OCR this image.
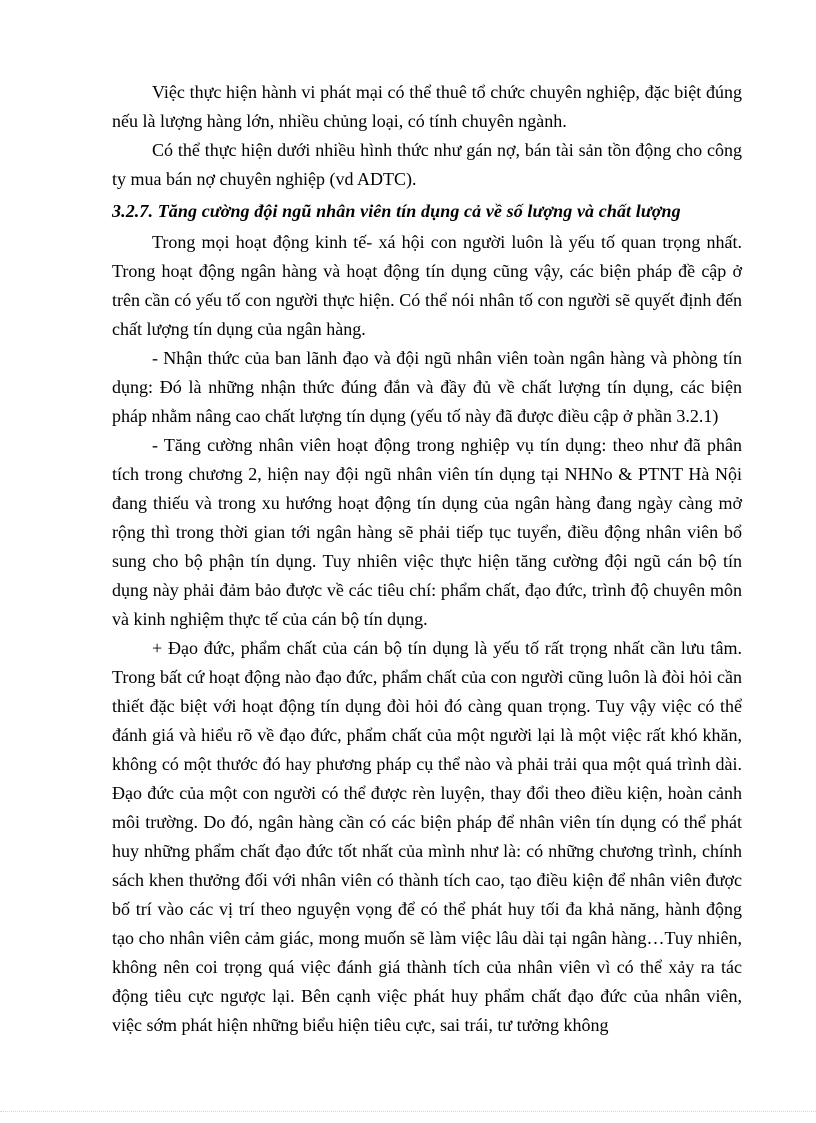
Việc thực hiện hành vi phát mại có thể thuê tổ chức chuyên nghiệp, đặc biệt đúng nếu là lượng hàng lớn, nhiều chủng loại, có tính chuyên ngành.

Có thể thực hiện dưới nhiều hình thức như gán nợ, bán tài sản tồn động cho công ty mua bán nợ chuyên nghiệp (vd ADTC).

3.2.7. Tăng cường đội ngũ nhân viên tín dụng cả về số lượng và chất lượng

Trong mọi hoạt động kinh tế- xá hội con người luôn là yếu tố quan trọng nhất. Trong hoạt động ngân hàng và hoạt động tín dụng cũng vậy, các biện pháp đề cập ở trên cần có yếu tố con người thực hiện. Có thể nói nhân tố con người sẽ quyết định đến chất lượng tín dụng của ngân hàng.

- Nhận thức của ban lãnh đạo và đội ngũ nhân viên toàn ngân hàng và phòng tín dụng: Đó là những nhận thức đúng đắn và đầy đủ về chất lượng tín dụng, các biện pháp nhằm nâng cao chất lượng tín dụng (yếu tố này đã được điều cập ở phần 3.2.1)

- Tăng cường nhân viên hoạt động trong nghiệp vụ tín dụng: theo như đã phân tích trong chương 2, hiện nay đội ngũ nhân viên tín dụng tại NHNo & PTNT Hà Nội đang thiếu và trong xu hướng hoạt động tín dụng của ngân hàng đang ngày càng mở rộng thì trong thời gian tới ngân hàng sẽ phải tiếp tục tuyển, điều động nhân viên bổ sung cho bộ phận tín dụng. Tuy nhiên việc thực hiện tăng cường đội ngũ cán bộ tín dụng này phải đảm bảo được về các tiêu chí: phẩm chất, đạo đức, trình độ chuyên môn và kinh nghiệm thực tế của cán bộ tín dụng.

+ Đạo đức, phẩm chất của cán bộ tín dụng là yếu tố rất trọng nhất cần lưu tâm. Trong bất cứ hoạt động nào đạo đức, phẩm chất của con người cũng luôn là đòi hỏi cần thiết đặc biệt với hoạt động tín dụng đòi hỏi đó càng quan trọng. Tuy vậy việc có thể đánh giá và hiểu rõ về đạo đức, phẩm chất của một người lại là một việc rất khó khăn, không có một thước đó hay phương pháp cụ thể nào và phải trải qua một quá trình dài. Đạo đức của một con người có thể được rèn luyện, thay đổi theo điều kiện, hoàn cảnh môi trường. Do đó, ngân hàng cần có các biện pháp để nhân viên tín dụng có thể phát huy những phẩm chất đạo đức tốt nhất của mình như là: có những chương trình, chính sách khen thưởng đối với nhân viên có thành tích cao, tạo điều kiện để nhân viên được bố trí vào các vị trí theo nguyện vọng để có thể phát huy tối đa khả năng, hành động tạo cho nhân viên cảm giác, mong muốn sẽ làm việc lâu dài tại ngân hàng…Tuy nhiên, không nên coi trọng quá việc đánh giá thành tích của nhân viên vì có thể xảy ra tác động tiêu cực ngược lại. Bên cạnh việc phát huy phẩm chất đạo đức của nhân viên, việc sớm phát hiện những biểu hiện tiêu cực, sai trái, tư tưởng không
